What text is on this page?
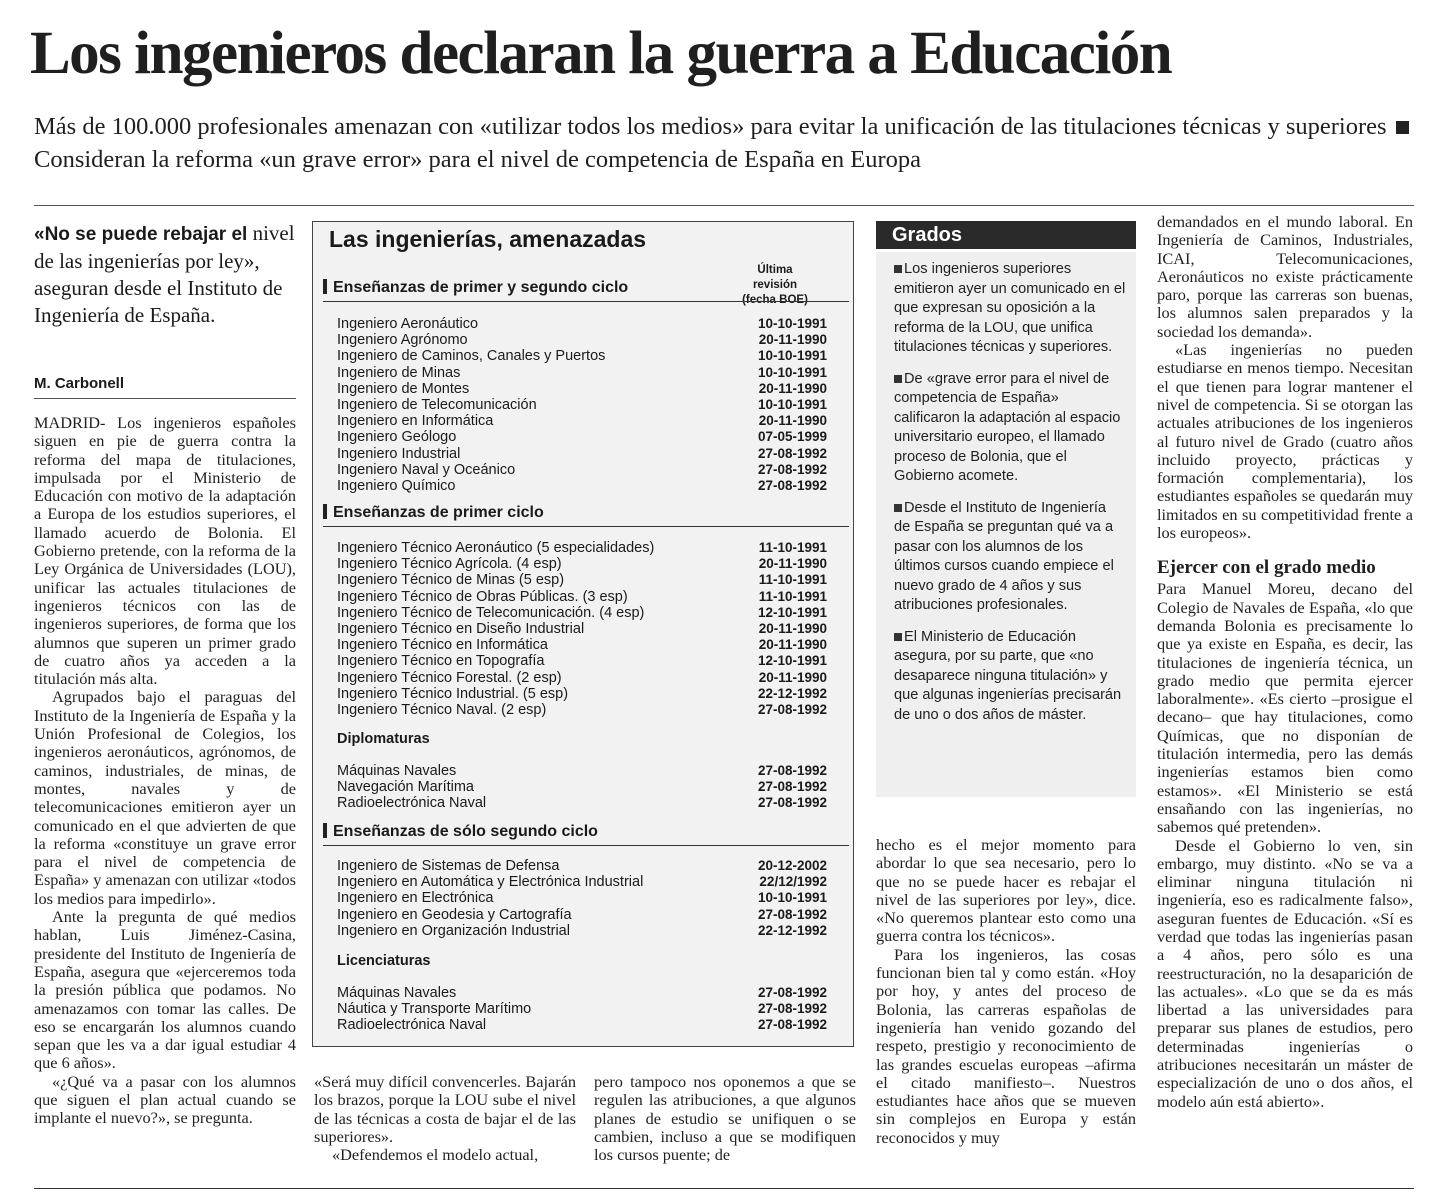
Los ingenieros declaran la guerra a Educación

Más de 100.000 profesionales amenazan con «utilizar todos los medios» para evitar la unificación de las titulaciones técnicas y superiores Consideran la reforma «un grave error» para el nivel de competencia de España en Europa

«No se puede rebajar el nivel de las ingenierías por ley», aseguran desde el Instituto de Ingeniería de España.

M. Carbonell

MADRID- Los ingenieros españoles siguen en pie de guerra contra la reforma del mapa de titulaciones, impulsada por el Ministerio de Educación con motivo de la adaptación a Europa de los estudios superiores, el llamado acuerdo de Bolonia. El Gobierno pretende, con la reforma de la Ley Orgánica de Universidades (LOU), unificar las actuales titulaciones de ingenieros técnicos con las de ingenieros superiores, de forma que los alumnos que superen un primer grado de cuatro años ya acceden a la titulación más alta.

Agrupados bajo el paraguas del Instituto de la Ingeniería de España y la Unión Profesional de Colegios, los ingenieros aeronáuticos, agrónomos, de caminos, industriales, de minas, de montes, navales y de telecomunicaciones emitieron ayer un comunicado en el que advierten de que la reforma «constituye un grave error para el nivel de competencia de España» y amenazan con utilizar «todos los medios para impedirlo».

Ante la pregunta de qué medios hablan, Luis Jiménez-Casina, presidente del Instituto de Ingeniería de España, asegura que «ejerceremos toda la presión pública que podamos. No amenazamos con tomar las calles. De eso se encargarán los alumnos cuando sepan que les va a dar igual estudiar 4 que 6 años».

«¿Qué va a pasar con los alumnos que siguen el plan actual cuando se implante el nuevo?», se pregunta.

Las ingenierías, amenazadas
Última revisión
(fecha BOE)
Enseñanzas de primer y segundo ciclo
Ingeniero Aeronáutico	10-10-1991
Ingeniero Agrónomo	20-11-1990
Ingeniero de Caminos, Canales y Puertos	10-10-1991
Ingeniero de Minas	10-10-1991
Ingeniero de Montes	20-11-1990
Ingeniero de Telecomunicación	10-10-1991
Ingeniero en Informática	20-11-1990
Ingeniero Geólogo	07-05-1999
Ingeniero Industrial	27-08-1992
Ingeniero Naval y Oceánico	27-08-1992
Ingeniero Químico	27-08-1992
Enseñanzas de primer ciclo
Ingeniero Técnico Aeronáutico (5 especialidades)	11-10-1991
Ingeniero Técnico Agrícola. (4 esp)	20-11-1990
Ingeniero Técnico de Minas (5 esp)	11-10-1991
Ingeniero Técnico de Obras Públicas. (3 esp)	11-10-1991
Ingeniero Técnico de Telecomunicación. (4 esp)	12-10-1991
Ingeniero Técnico en Diseño Industrial	20-11-1990
Ingeniero Técnico en Informática	20-11-1990
Ingeniero Técnico en Topografía	12-10-1991
Ingeniero Técnico Forestal. (2 esp)	20-11-1990
Ingeniero Técnico Industrial. (5 esp)	22-12-1992
Ingeniero Técnico Naval. (2 esp)	27-08-1992
Diplomaturas
Máquinas Navales	27-08-1992
Navegación Marítima	27-08-1992
Radioelectrónica Naval	27-08-1992
Enseñanzas de sólo segundo ciclo
Ingeniero de Sistemas de Defensa	20-12-2002
Ingeniero en Automática y Electrónica Industrial	22/12/1992
Ingeniero en Electrónica	10-10-1991
Ingeniero en Geodesia y Cartografía	27-08-1992
Ingeniero en Organización Industrial	22-12-1992
Licenciaturas
Máquinas Navales	27-08-1992
Náutica y Transporte Marítimo	27-08-1992
Radioelectrónica Naval	27-08-1992

«Será muy difícil convencerles. Bajarán los brazos, porque la LOU sube el nivel de las técnicas a costa de bajar el de las superiores».

«Defendemos el modelo actual,

pero tampoco nos oponemos a que se regulen las atribuciones, a que algunos planes de estudio se unifiquen o se cambien, incluso a que se modifiquen los cursos puente; de

Grados

Los ingenieros superiores emitieron ayer un comunicado en el que expresan su oposición a la reforma de la LOU, que unifica titulaciones técnicas y superiores.

De «grave error para el nivel de competencia de España» calificaron la adaptación al espacio universitario europeo, el llamado proceso de Bolonia, que el Gobierno acomete.

Desde el Instituto de Ingeniería de España se preguntan qué va a pasar con los alumnos de los últimos cursos cuando empiece el nuevo grado de 4 años y sus atribuciones profesionales.

El Ministerio de Educación asegura, por su parte, que «no desaparece ninguna titulación» y que algunas ingenierías precisarán de uno o dos años de máster.

hecho es el mejor momento para abordar lo que sea necesario, pero lo que no se puede hacer es rebajar el nivel de las superiores por ley», dice. «No queremos plantear esto como una guerra contra los técnicos».

Para los ingenieros, las cosas funcionan bien tal y como están. «Hoy por hoy, y antes del proceso de Bolonia, las carreras españolas de ingeniería han venido gozando del respeto, prestigio y reconocimiento de las grandes escuelas europeas –afirma el citado manifiesto–. Nuestros estudiantes hace años que se mueven sin complejos en Europa y están reconocidos y muy

demandados en el mundo laboral. En Ingeniería de Caminos, Industriales, ICAI, Telecomunicaciones, Aeronáuticos no existe prácticamente paro, porque las carreras son buenas, los alumnos salen preparados y la sociedad los demanda».

«Las ingenierías no pueden estudiarse en menos tiempo. Necesitan el que tienen para lograr mantener el nivel de competencia. Si se otorgan las actuales atribuciones de los ingenieros al futuro nivel de Grado (cuatro años incluido proyecto, prácticas y formación complementaria), los estudiantes españoles se quedarán muy limitados en su competitividad frente a los europeos».

Ejercer con el grado medio

Para Manuel Moreu, decano del Colegio de Navales de España, «lo que demanda Bolonia es precisamente lo que ya existe en España, es decir, las titulaciones de ingeniería técnica, un grado medio que permita ejercer laboralmente». «Es cierto –prosigue el decano– que hay titulaciones, como Químicas, que no disponían de titulación intermedia, pero las demás ingenierías estamos bien como estamos». «El Ministerio se está ensañando con las ingenierías, no sabemos qué pretenden».

Desde el Gobierno lo ven, sin embargo, muy distinto. «No se va a eliminar ninguna titulación ni ingeniería, eso es radicalmente falso», aseguran fuentes de Educación. «Sí es verdad que todas las ingenierías pasan a 4 años, pero sólo es una reestructuración, no la desaparición de las actuales». «Lo que se da es más libertad a las universidades para preparar sus planes de estudios, pero determinadas ingenierías o atribuciones necesitarán un máster de especialización de uno o dos años, el modelo aún está abierto».
